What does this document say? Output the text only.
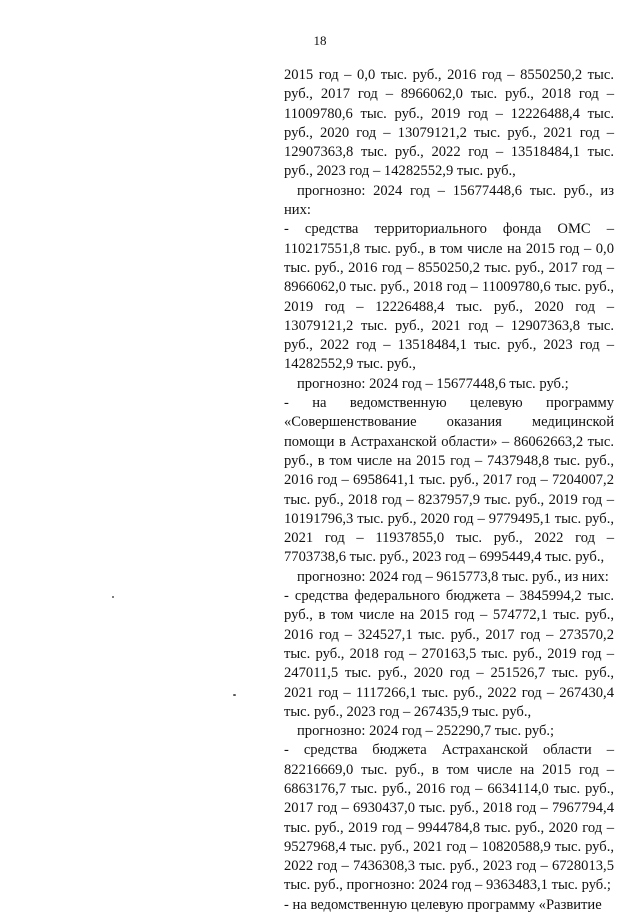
18

2015 год – 0,0 тыс. руб., 2016 год – 8550250,2 тыс. руб., 2017 год – 8966062,0 тыс. руб., 2018 год – 11009780,6 тыс. руб., 2019 год – 12226488,4 тыс. руб., 2020 год – 13079121,2 тыс. руб., 2021 год – 12907363,8 тыс. руб., 2022 год – 13518484,1 тыс. руб., 2023 год – 14282552,9 тыс. руб.,

прогнозно: 2024 год – 15677448,6 тыс. руб., из них:

- средства территориального фонда ОМС – 110217551,8 тыс. руб., в том числе на 2015 год – 0,0 тыс. руб., 2016 год – 8550250,2 тыс. руб., 2017 год – 8966062,0 тыс. руб., 2018 год – 11009780,6 тыс. руб., 2019 год – 12226488,4 тыс. руб., 2020 год – 13079121,2 тыс. руб., 2021 год – 12907363,8 тыс. руб., 2022 год – 13518484,1 тыс. руб., 2023 год – 14282552,9 тыс. руб.,

прогнозно: 2024 год – 15677448,6 тыс. руб.;

- на ведомственную целевую программу «Совершенствование оказания медицинской помощи в Астраханской области» – 86062663,2 тыс. руб., в том числе на 2015 год – 7437948,8 тыс. руб., 2016 год – 6958641,1 тыс. руб., 2017 год – 7204007,2 тыс. руб., 2018 год – 8237957,9 тыс. руб., 2019 год – 10191796,3 тыс. руб., 2020 год – 9779495,1 тыс. руб., 2021 год – 11937855,0 тыс. руб., 2022 год – 7703738,6 тыс. руб., 2023 год – 6995449,4 тыс. руб.,

прогнозно: 2024 год – 9615773,8 тыс. руб., из них:

- средства федерального бюджета – 3845994,2 тыс. руб., в том числе на 2015 год – 574772,1 тыс. руб., 2016 год – 324527,1 тыс. руб., 2017 год – 273570,2 тыс. руб., 2018 год – 270163,5 тыс. руб., 2019 год – 247011,5 тыс. руб., 2020 год – 251526,7 тыс. руб., 2021 год – 1117266,1 тыс. руб., 2022 год – 267430,4 тыс. руб., 2023 год – 267435,9 тыс. руб.,

прогнозно: 2024 год – 252290,7 тыс. руб.;

- средства бюджета Астраханской области – 82216669,0 тыс. руб., в том числе на 2015 год – 6863176,7 тыс. руб., 2016 год – 6634114,0 тыс. руб., 2017 год – 6930437,0 тыс. руб., 2018 год – 7967794,4 тыс. руб., 2019 год – 9944784,8 тыс. руб., 2020 год – 9527968,4 тыс. руб., 2021 год – 10820588,9 тыс. руб., 2022 год – 7436308,3 тыс. руб., 2023 год – 6728013,5 тыс. руб., прогнозно: 2024 год – 9363483,1 тыс. руб.;

- на ведомственную целевую программу «Развитие
